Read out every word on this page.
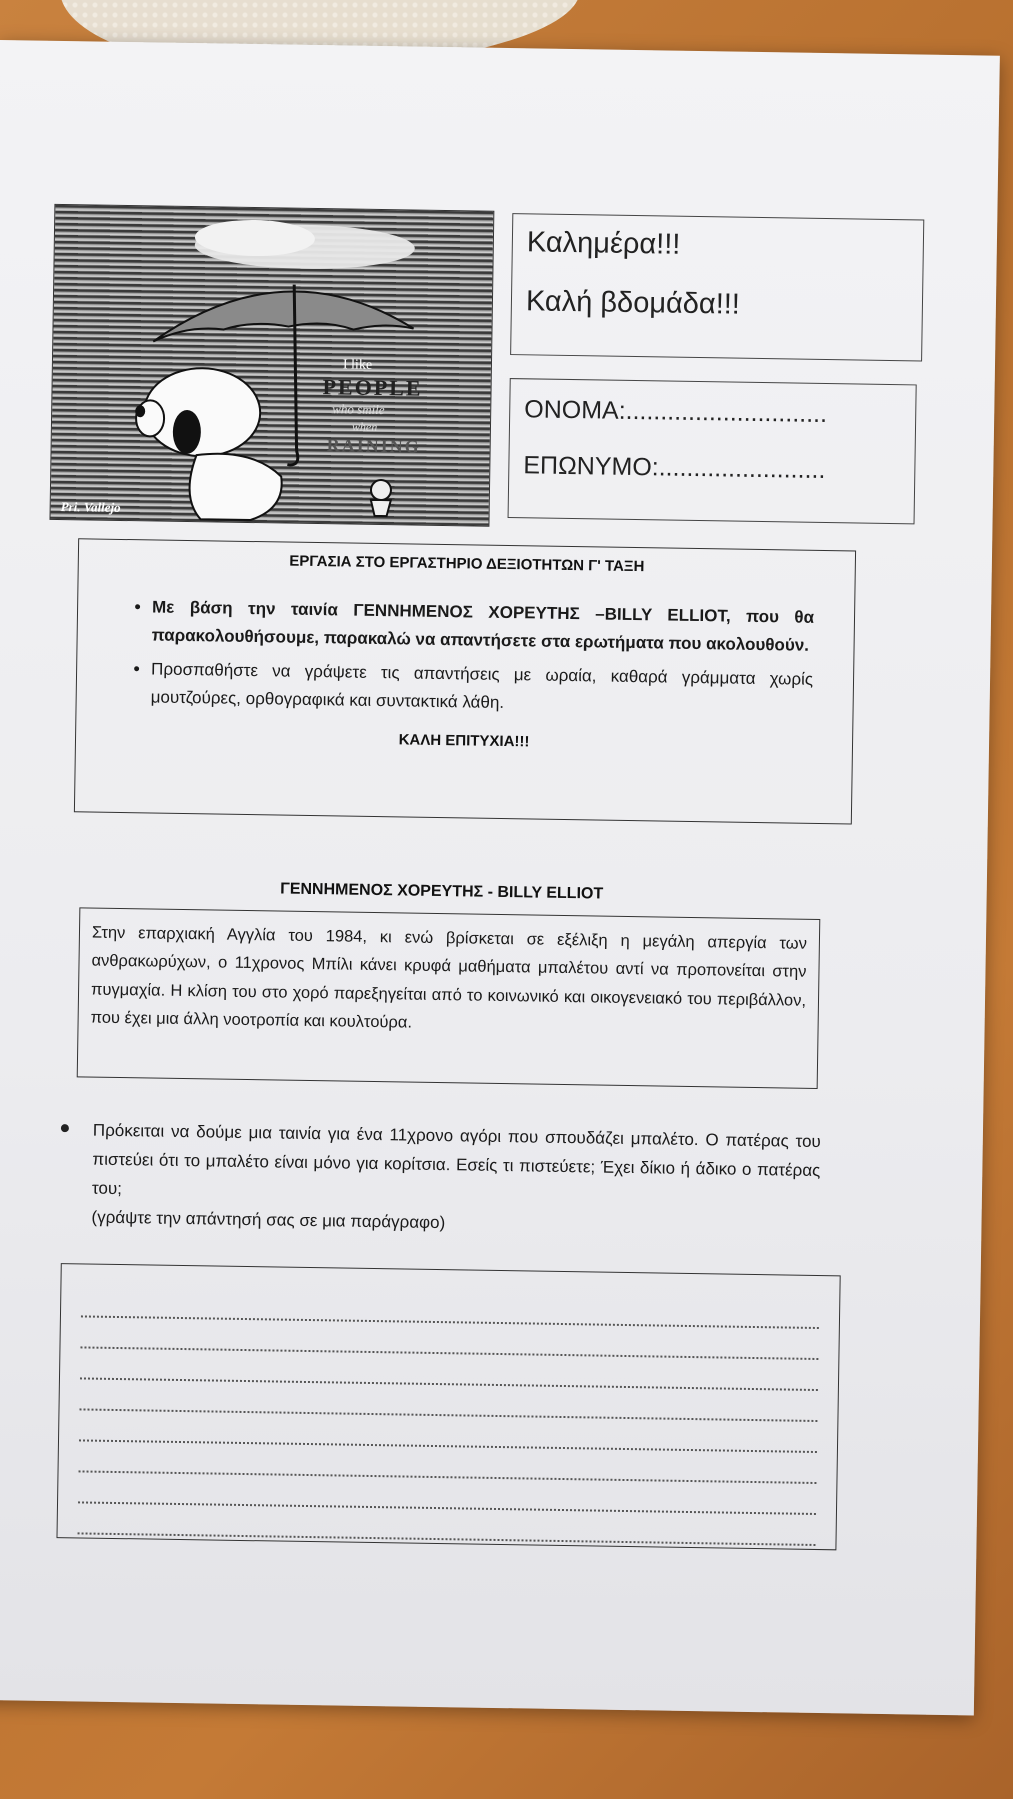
I like
PEOPLE
who smile
when
RAINING
Pri. Vallejo
Καλημέρα!!!
Καλή βδομάδα!!!
ΟΝΟΜΑ:.............................
ΕΠΩΝΥΜΟ:........................
ΕΡΓΑΣΙΑ ΣΤΟ ΕΡΓΑΣΤΗΡΙΟ ΔΕΞΙΟΤΗΤΩΝ Γ' ΤΑΞΗ
• Με βάση την ταινία ΓΕΝΝΗΜΕΝΟΣ ΧΟΡΕΥΤΗΣ –BILLY ELLIOT, που θα παρακολουθήσουμε, παρακαλώ να απαντήσετε στα ερωτήματα που ακολουθούν.
• Προσπαθήστε να γράψετε τις απαντήσεις με ωραία, καθαρά γράμματα χωρίς μουτζούρες, ορθογραφικά και συντακτικά λάθη.
ΚΑΛΗ ΕΠΙΤΥΧΙΑ!!!
ΓΕΝΝΗΜΕΝΟΣ ΧΟΡΕΥΤΗΣ - BILLY ELLIOT

Στην επαρχιακή Αγγλία του 1984, κι ενώ βρίσκεται σε εξέλιξη η μεγάλη απεργία των ανθρακωρύχων, ο 11χρονος Μπίλι κάνει κρυφά μαθήματα μπαλέτου αντί να προπονείται στην πυγμαχία. Η κλίση του στο χορό παρεξηγείται από το κοινωνικό και οικογενειακό του περιβάλλον, που έχει μια άλλη νοοτροπία και κουλτούρα.

Πρόκειται να δούμε μια ταινία για ένα 11χρονο αγόρι που σπουδάζει μπαλέτο. Ο πατέρας του πιστεύει ότι το μπαλέτο είναι μόνο για κορίτσια. Εσείς τι πιστεύετε; Έχει δίκιο ή άδικο ο πατέρας του;
(γράψτε την απάντησή σας σε μια παράγραφο)
